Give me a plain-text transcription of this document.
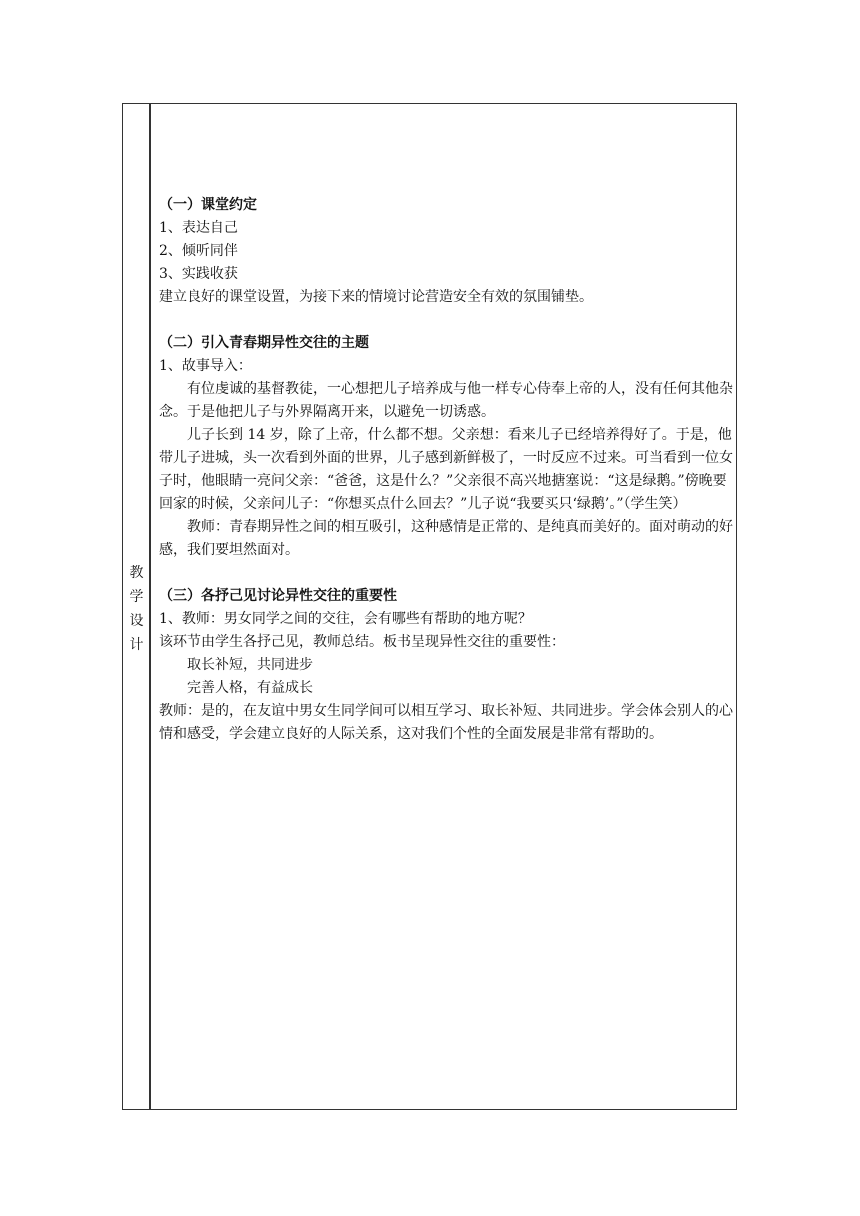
教
学
设
计

（一）课堂约定

1、表达自己

2、倾听同伴

3、实践收获

建立良好的课堂设置，为接下来的情境讨论营造安全有效的氛围铺垫。

（二）引入青春期异性交往的主题

1、故事导入：

有位虔诚的基督教徒，一心想把儿子培养成与他一样专心侍奉上帝的人，没有任何其他杂念。于是他把儿子与外界隔离开来，以避免一切诱惑。

儿子长到 14 岁，除了上帝，什么都不想。父亲想：看来儿子已经培养得好了。于是，他带儿子进城，头一次看到外面的世界，儿子感到新鲜极了，一时反应不过来。可当看到一位女子时，他眼睛一亮问父亲：“爸爸，这是什么？”父亲很不高兴地搪塞说：“这是绿鹅。”傍晚要回家的时候，父亲问儿子：“你想买点什么回去？”儿子说“我要买只‘绿鹅’。”（学生笑）

教师：青春期异性之间的相互吸引，这种感情是正常的、是纯真而美好的。面对萌动的好感，我们要坦然面对。

（三）各抒己见讨论异性交往的重要性

1、教师：男女同学之间的交往，会有哪些有帮助的地方呢？

该环节由学生各抒己见，教师总结。板书呈现异性交往的重要性：

取长补短，共同进步

完善人格，有益成长

教师：是的，在友谊中男女生同学间可以相互学习、取长补短、共同进步。学会体会别人的心情和感受，学会建立良好的人际关系，这对我们个性的全面发展是非常有帮助的。
